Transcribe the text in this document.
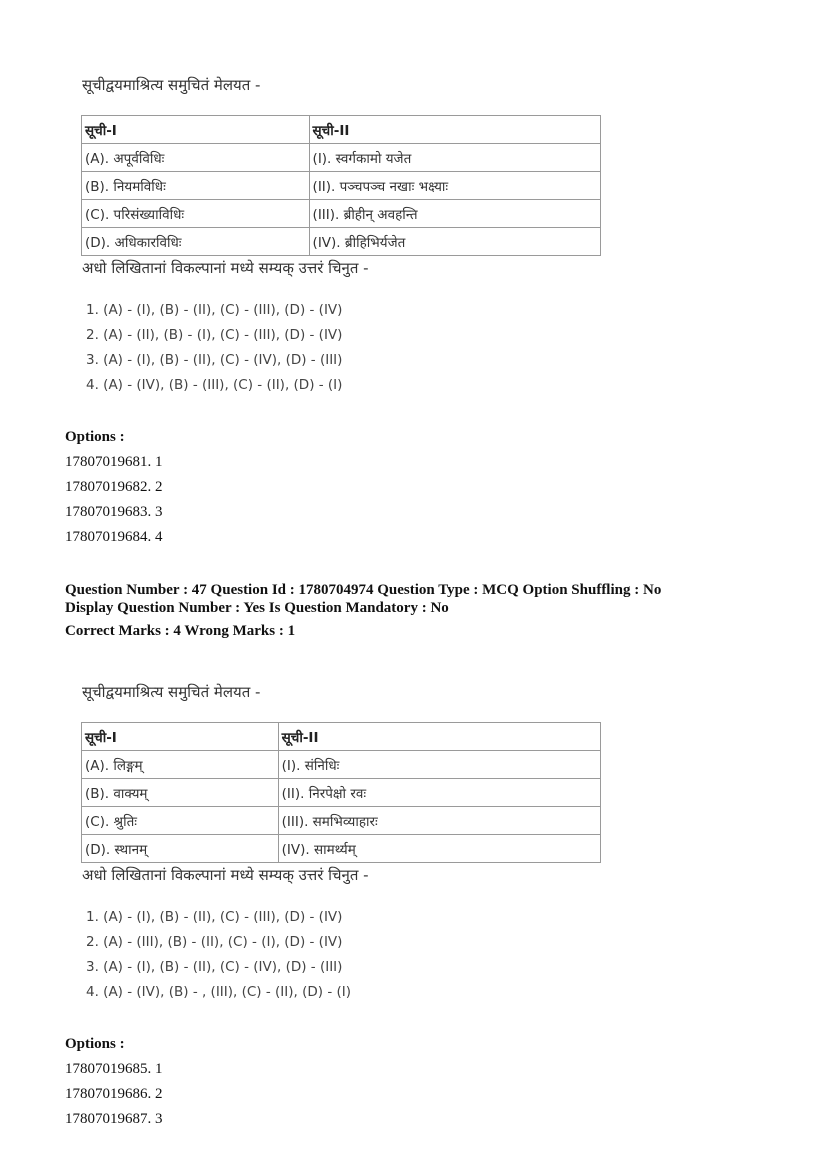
सूचीद्वयमाश्रित्य समुचितं मेलयत -
सूची-I	सूची-II
(A). अपूर्वविधिः	(I). स्वर्गकामो यजेत
(B). नियमविधिः	(II). पञ्चपञ्च नखाः भक्ष्याः
(C). परिसंख्याविधिः	(III). ब्रीहीन् अवहन्ति
(D). अधिकारविधिः	(IV). ब्रीहिभिर्यजेत
अधो लिखितानां विकल्पानां मध्ये सम्यक् उत्तरं चिनुत -
1. (A) - (I), (B) - (II), (C) - (III), (D) - (IV)
2. (A) - (II), (B) - (I), (C) - (III), (D) - (IV)
3. (A) - (I), (B) - (II), (C) - (IV), (D) - (III)
4. (A) - (IV), (B) - (III), (C) - (II), (D) - (I)
Options :
17807019681. 1
17807019682. 2
17807019683. 3
17807019684. 4
Question Number : 47 Question Id : 1780704974 Question Type : MCQ Option Shuffling : No
Display Question Number : Yes Is Question Mandatory : No
Correct Marks : 4 Wrong Marks : 1
सूचीद्वयमाश्रित्य समुचितं मेलयत -
सूची-I	सूची-II
(A). लिङ्गम्	(I). संनिधिः
(B). वाक्यम्	(II). निरपेक्षो रवः
(C). श्रुतिः	(III). समभिव्याहारः
(D). स्थानम्	(IV). सामर्थ्यम्
अधो लिखितानां विकल्पानां मध्ये सम्यक् उत्तरं चिनुत -
1. (A) - (I), (B) - (II), (C) - (III), (D) - (IV)
2. (A) - (III), (B) - (II), (C) - (I), (D) - (IV)
3. (A) - (I), (B) - (II), (C) - (IV), (D) - (III)
4. (A) - (IV), (B) - , (III), (C) - (II), (D) - (I)
Options :
17807019685. 1
17807019686. 2
17807019687. 3
